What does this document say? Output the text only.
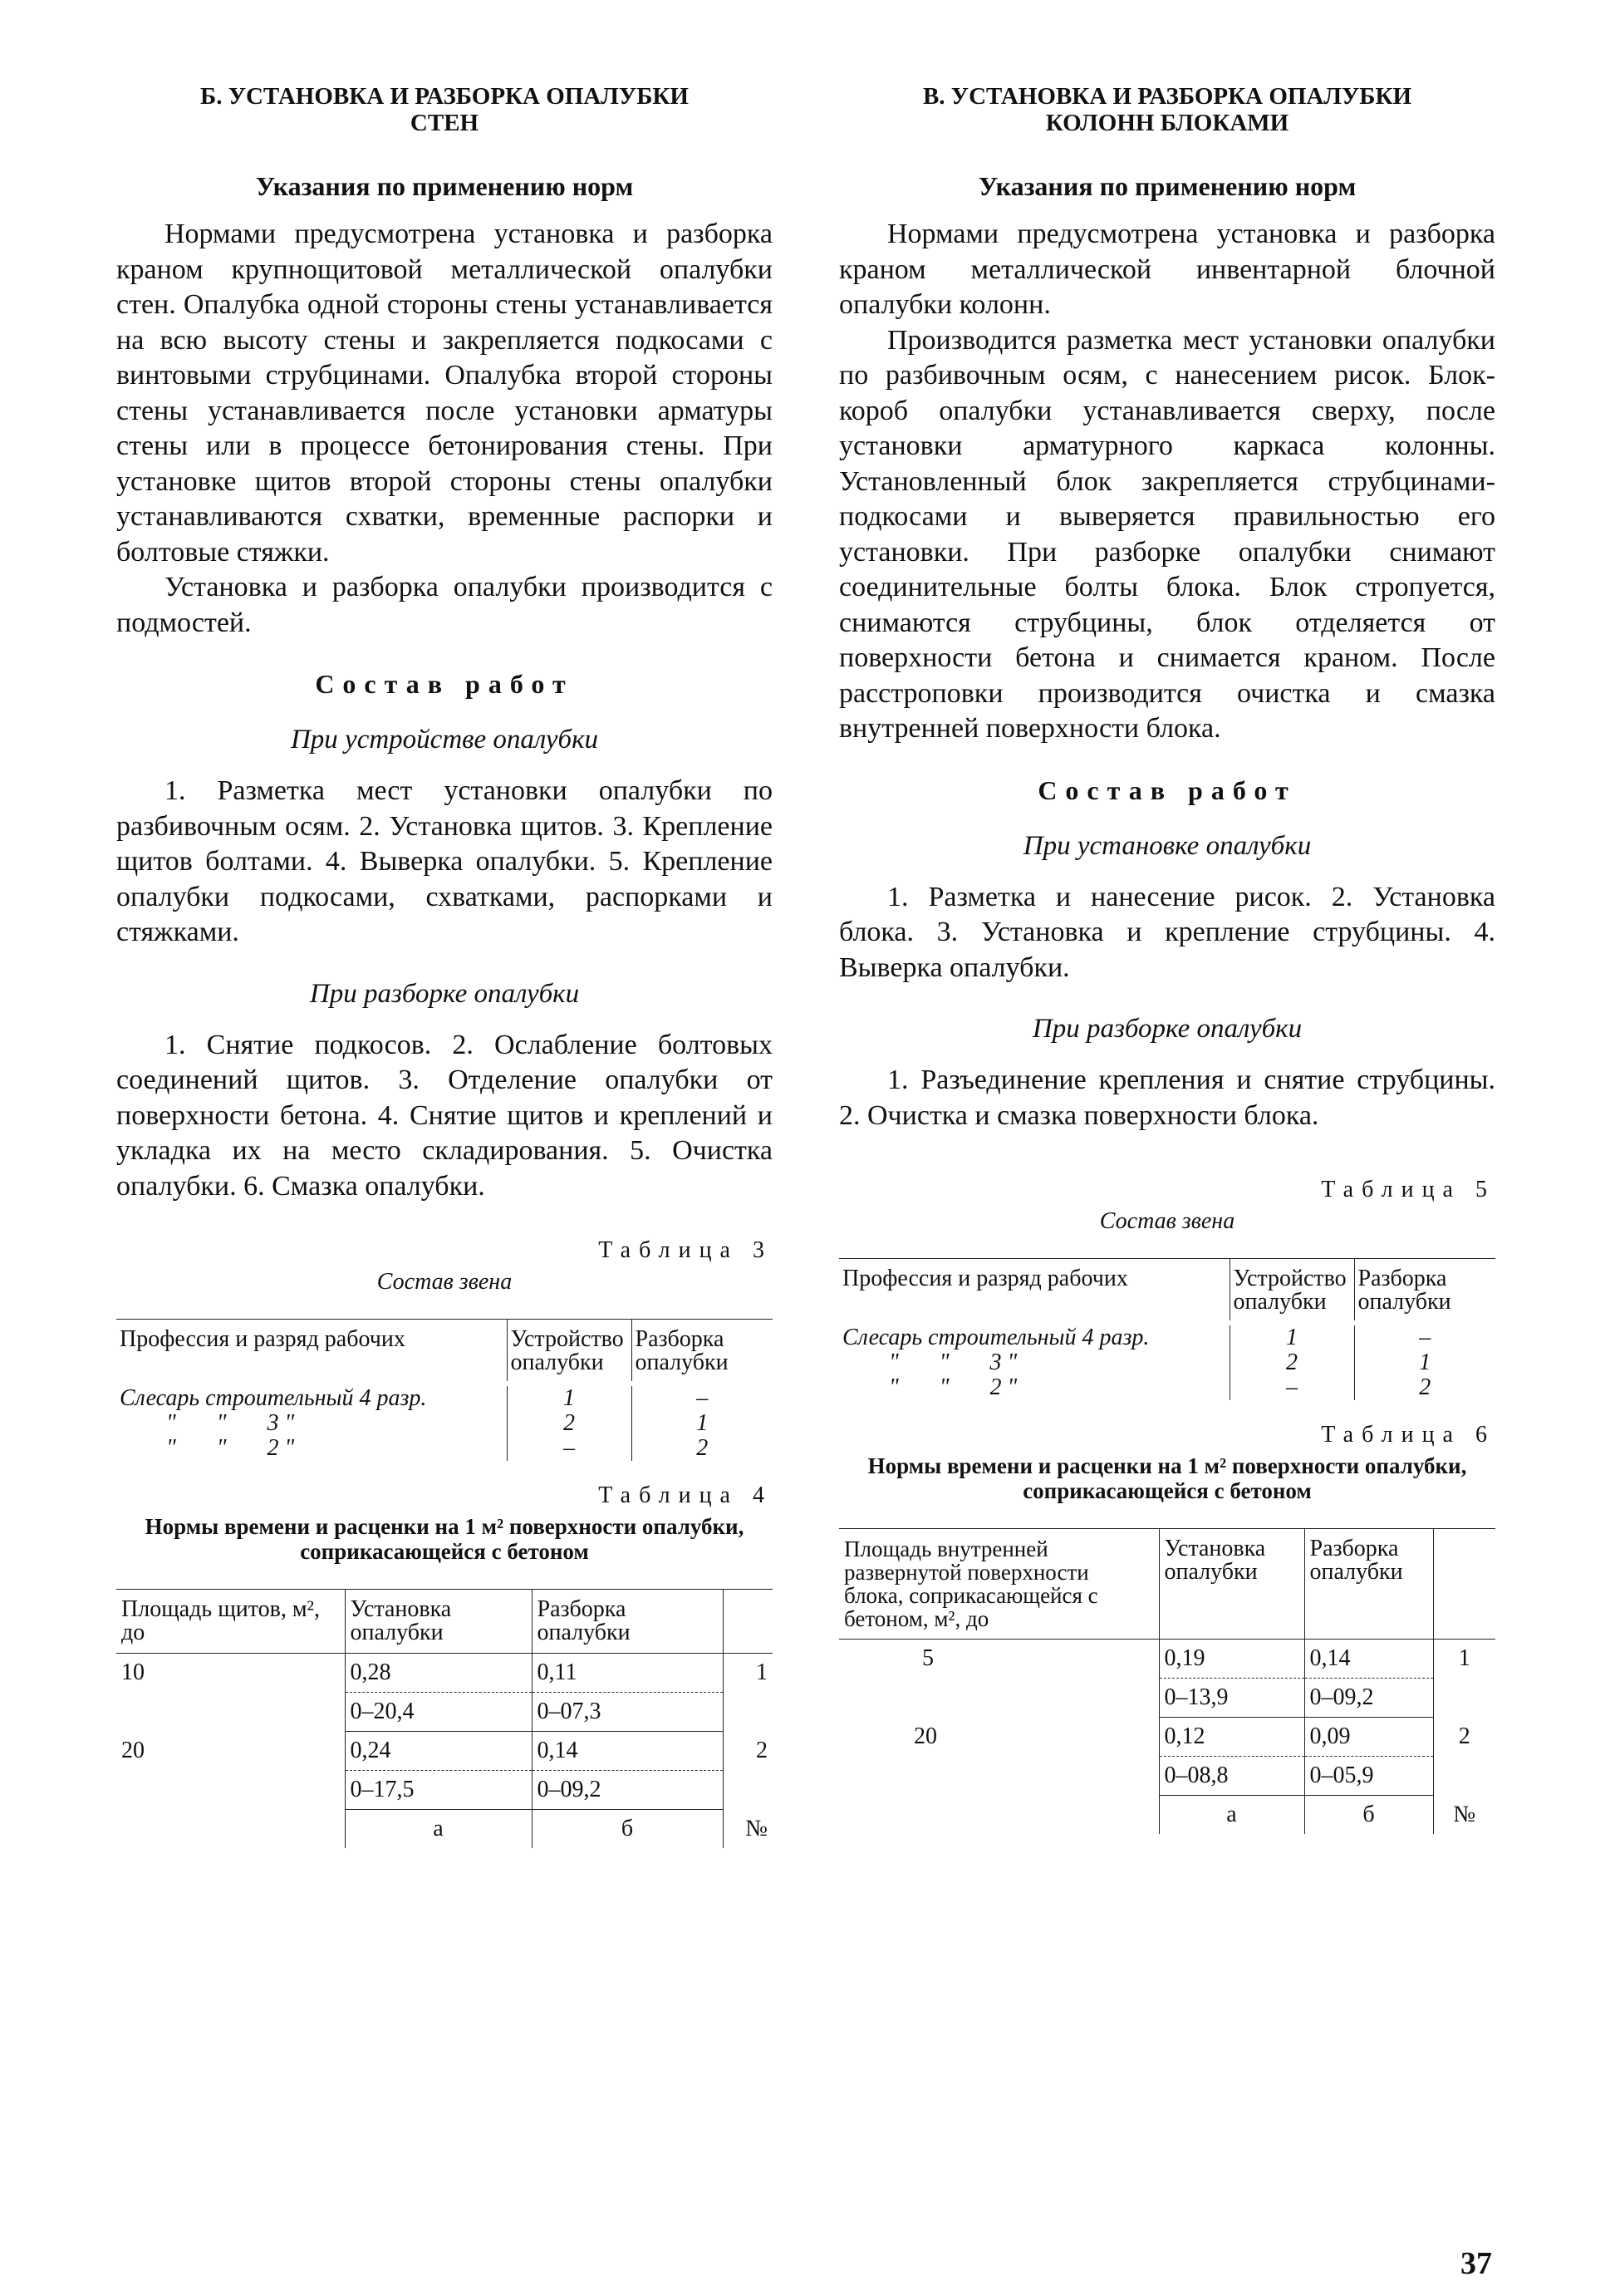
Б. УСТАНОВКА И РАЗБОРКА ОПАЛУБКИ
СТЕН
Указания по применению норм

Нормами предусмотрена установка и разборка краном крупнощитовой металлической опалубки стен. Опалубка одной стороны стены устанавливается на всю высоту стены и закрепляется подкосами с винтовыми струбцинами. Опалубка второй стороны стены устанавливается после установки арматуры стены или в процессе бетонирования стены. При установке щитов второй стороны стены опалубки устанавливаются схватки, временные распорки и болтовые стяжки.

Установка и разборка опалубки производится с подмостей.

Состав работ
При устройстве опалубки

1. Разметка мест установки опалубки по разбивочным осям. 2. Установка щитов. 3. Крепление щитов болтами. 4. Выверка опалубки. 5. Крепление опалубки подкосами, схватками, распорками и стяжками.

При разборке опалубки

1. Снятие подкосов. 2. Ослабление болтовых соединений щитов. 3. Отделение опалубки от поверхности бетона. 4. Снятие щитов и креплений и укладка их на место складирования. 5. Очистка опалубки. 6. Смазка опалубки.

Таблица 3
Состав звена
Профессия и разряд рабочих	Устройство опалубки	Разборка опалубки
Слесарь строительный 4 разр.	1	–
"       "       3 "	2	1
"       "       2 "	–	2
Таблица 4
Нормы времени и расценки на 1 м² поверхности опалубки, соприкасающейся с бетоном
Площадь щитов, м², до	Установка опалубки	Разборка опалубки	
10	0,28	0,11	1
	0–20,4	0–07,3	
20	0,24	0,14	2
	0–17,5	0–09,2	
	а	б	№
В. УСТАНОВКА И РАЗБОРКА ОПАЛУБКИ
КОЛОНН БЛОКАМИ
Указания по применению норм

Нормами предусмотрена установка и разборка краном металлической инвентарной блочной опалубки колонн.

Производится разметка мест установки опалубки по разбивочным осям, с нанесением рисок. Блок-короб опалубки устанавливается сверху, после установки арматурного каркаса колонны. Установленный блок закрепляется струбцинами-подкосами и выверяется правильностью его установки. При разборке опалубки снимают соединительные болты блока. Блок стропуется, снимаются струбцины, блок отделяется от поверхности бетона и снимается краном. После расстроповки производится очистка и смазка внутренней поверхности блока.

Состав работ
При установке опалубки

1. Разметка и нанесение рисок. 2. Установка блока. 3. Установка и крепление струбцины. 4. Выверка опалубки.

При разборке опалубки

1. Разъединение крепления и снятие струбцины. 2. Очистка и смазка поверхности блока.

Таблица 5
Состав звена
Профессия и разряд рабочих	Устройство опалубки	Разборка опалубки
Слесарь строительный 4 разр.	1	–
"       "       3 "	2	1
"       "       2 "	–	2
Таблица 6
Нормы времени и расценки на 1 м² поверхности опалубки, соприкасающейся с бетоном
Площадь внутренней развернутой поверхности блока, соприкасающейся с бетоном, м², до	Установка опалубки	Разборка опалубки	
5	0,19	0,14	1
	0–13,9	0–09,2	
20	0,12	0,09	2
	0–08,8	0–05,9	
	а	б	№
37
